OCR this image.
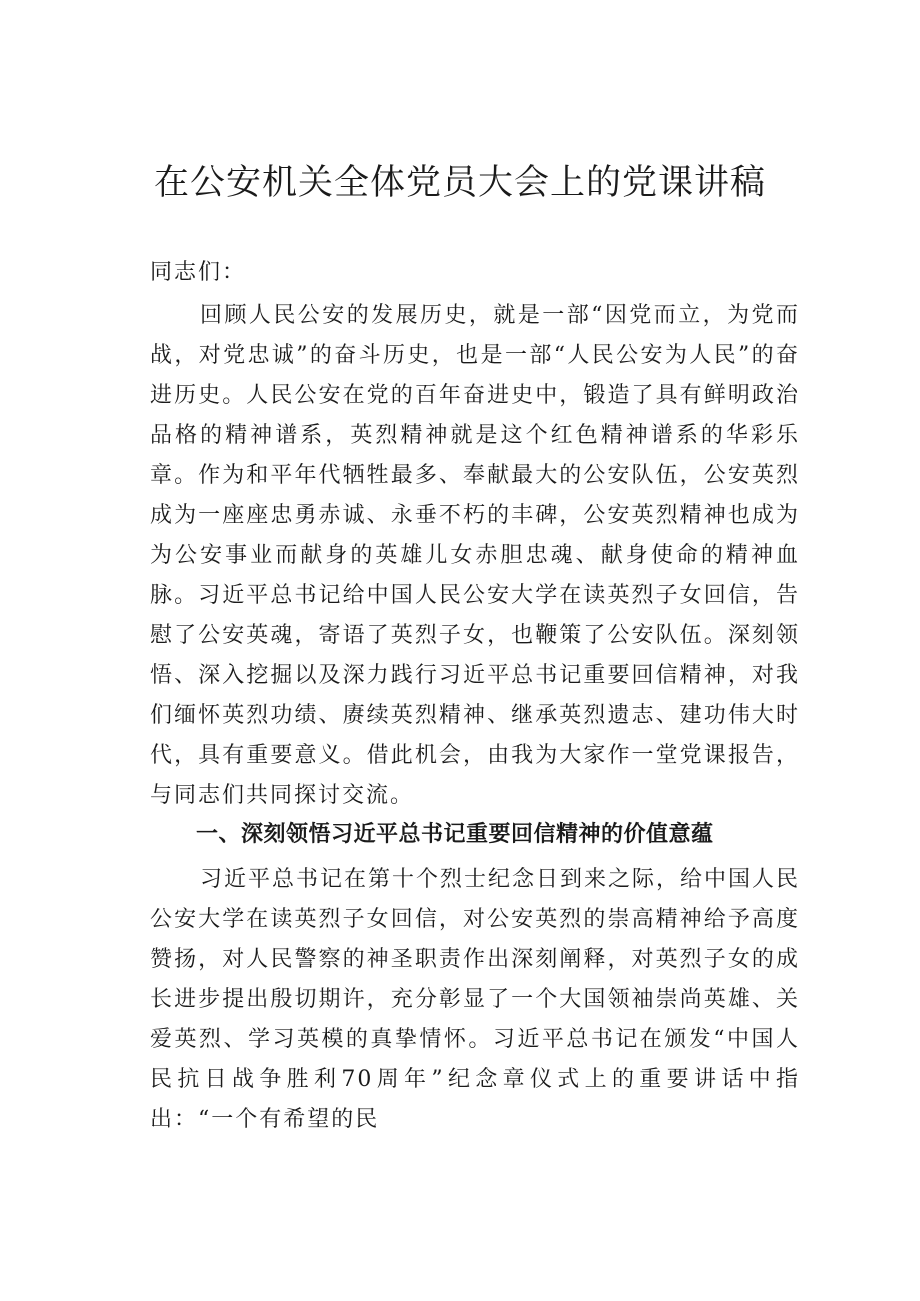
在公安机关全体党员大会上的党课讲稿

同志们：

回顾人民公安的发展历史，就是一部“因党而立，为党而战，对党忠诚”的奋斗历史，也是一部“人民公安为人民”的奋进历史。人民公安在党的百年奋进史中，锻造了具有鲜明政治品格的精神谱系，英烈精神就是这个红色精神谱系的华彩乐章。作为和平年代牺牲最多、奉献最大的公安队伍，公安英烈成为一座座忠勇赤诚、永垂不朽的丰碑，公安英烈精神也成为为公安事业而献身的英雄儿女赤胆忠魂、献身使命的精神血脉。习近平总书记给中国人民公安大学在读英烈子女回信，告慰了公安英魂，寄语了英烈子女，也鞭策了公安队伍。深刻领悟、深入挖掘以及深力践行习近平总书记重要回信精神，对我们缅怀英烈功绩、赓续英烈精神、继承英烈遗志、建功伟大时代，具有重要意义。借此机会，由我为大家作一堂党课报告，与同志们共同探讨交流。

一、深刻领悟习近平总书记重要回信精神的价值意蕴

习近平总书记在第十个烈士纪念日到来之际，给中国人民公安大学在读英烈子女回信，对公安英烈的崇高精神给予高度赞扬，对人民警察的神圣职责作出深刻阐释，对英烈子女的成长进步提出殷切期许，充分彰显了一个大国领袖崇尚英雄、关爱英烈、学习英模的真挚情怀。习近平总书记在颁发“中国人民抗日战争胜利70周年”纪念章仪式上的重要讲话中指出：“一个有希望的民
